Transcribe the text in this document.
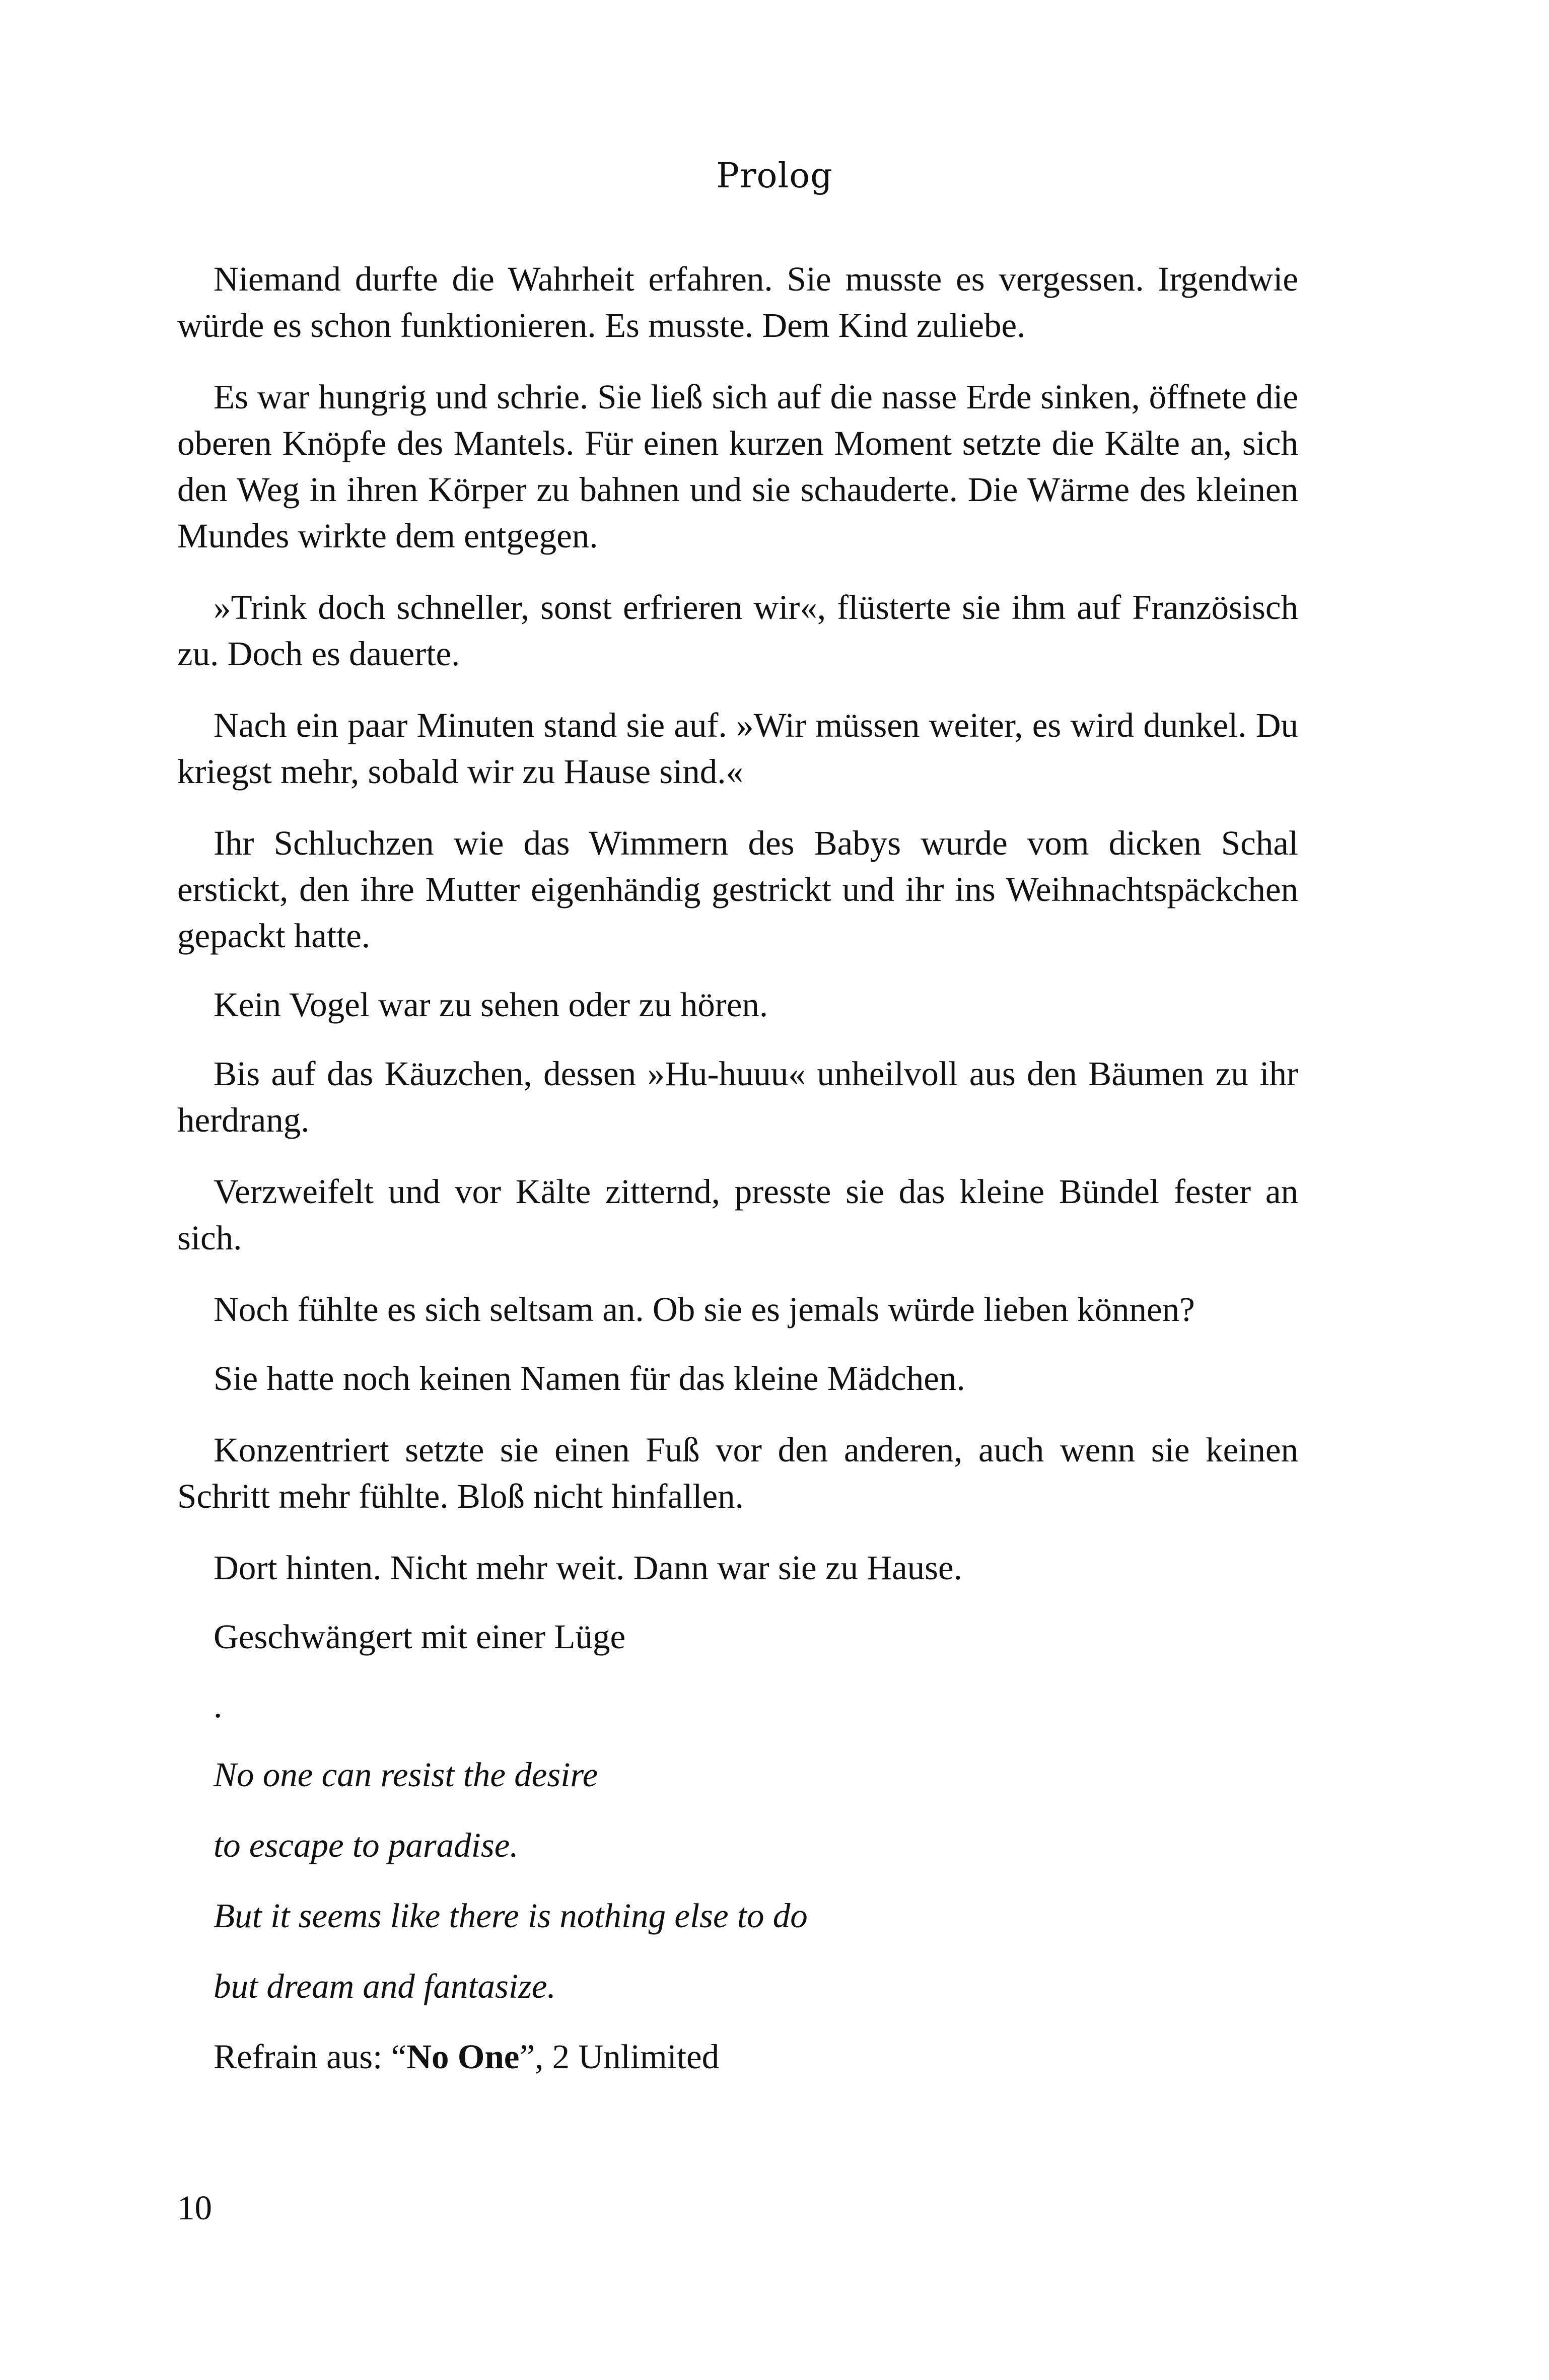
Prolog

Niemand durfte die Wahrheit erfahren. Sie musste es vergessen. Irgendwie würde es schon funktionieren. Es musste. Dem Kind zuliebe.

Es war hungrig und schrie. Sie ließ sich auf die nasse Erde sinken, öffnete die oberen Knöpfe des Mantels. Für einen kurzen Moment setzte die Kälte an, sich den Weg in ihren Körper zu bahnen und sie schauderte. Die Wärme des kleinen Mundes wirkte dem entgegen.

»Trink doch schneller, sonst erfrieren wir«, flüsterte sie ihm auf Französisch zu. Doch es dauerte.

Nach ein paar Minuten stand sie auf. »Wir müssen weiter, es wird dunkel. Du kriegst mehr, sobald wir zu Hause sind.«

Ihr Schluchzen wie das Wimmern des Babys wurde vom dicken Schal erstickt, den ihre Mutter eigenhändig gestrickt und ihr ins Weihnachtspäckchen gepackt hatte.

Kein Vogel war zu sehen oder zu hören.

Bis auf das Käuzchen, dessen »Hu-huuu« unheilvoll aus den Bäumen zu ihr herdrang.

Verzweifelt und vor Kälte zitternd, presste sie das kleine Bündel fester an sich.

Noch fühlte es sich seltsam an. Ob sie es jemals würde lieben können?

Sie hatte noch keinen Namen für das kleine Mädchen.

Konzentriert setzte sie einen Fuß vor den anderen, auch wenn sie keinen Schritt mehr fühlte. Bloß nicht hinfallen.

Dort hinten. Nicht mehr weit. Dann war sie zu Hause.

Geschwängert mit einer Lüge

.

No one can resist the desire

to escape to paradise.

But it seems like there is nothing else to do

but dream and fantasize.

Refrain aus: “No One”, 2 Unlimited

10
